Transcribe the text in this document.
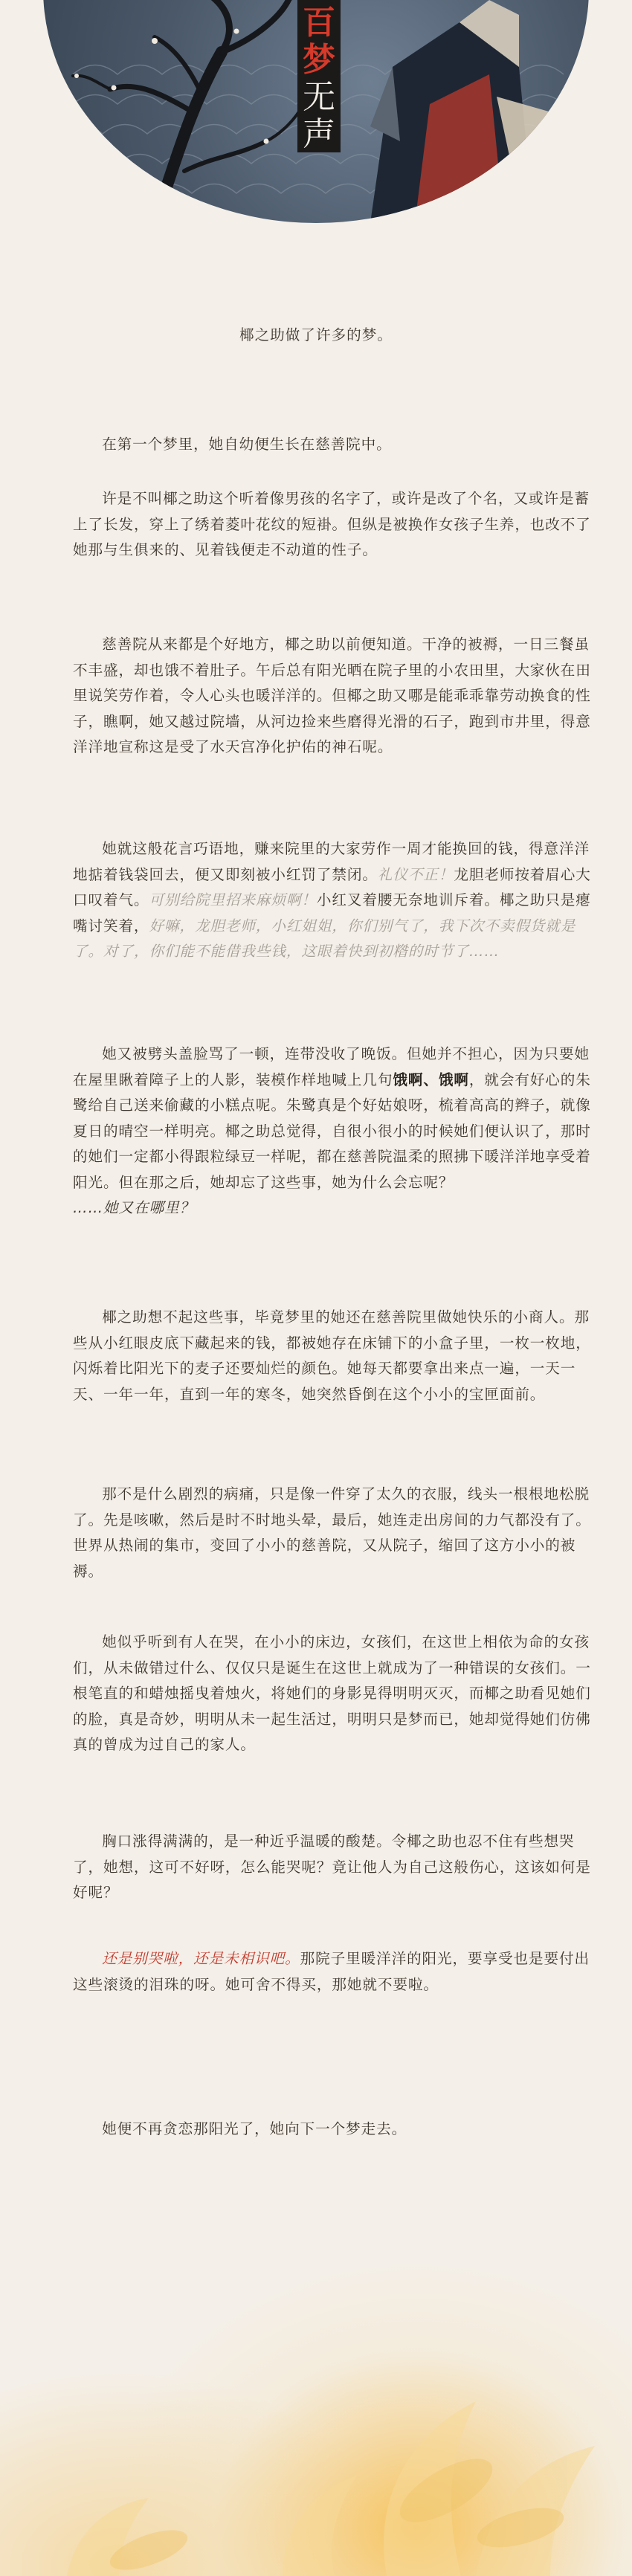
百
梦
无
声
椰之助做了许多的梦。

在第一个梦里，她自幼便生长在慈善院中。

许是不叫椰之助这个听着像男孩的名字了，或许是改了个名，又或许是蓄上了长发，穿上了绣着菱叶花纹的短褂。但纵是被换作女孩子生养，也改不了她那与生俱来的、见着钱便走不动道的性子。

慈善院从来都是个好地方，椰之助以前便知道。干净的被褥，一日三餐虽不丰盛，却也饿不着肚子。午后总有阳光晒在院子里的小农田里，大家伙在田里说笑劳作着，令人心头也暖洋洋的。但椰之助又哪是能乖乖靠劳动换食的性子，瞧啊，她又越过院墙，从河边捡来些磨得光滑的石子，跑到市井里，得意洋洋地宣称这是受了水天宫净化护佑的神石呢。

她就这般花言巧语地，赚来院里的大家劳作一周才能换回的钱，得意洋洋地掂着钱袋回去，便又即刻被小红罚了禁闭。礼仪不正！龙胆老师按着眉心大口叹着气。可别给院里招来麻烦啊！小红叉着腰无奈地训斥着。椰之助只是瘪嘴讨笑着，好嘛，龙胆老师，小红姐姐，你们别气了，我下次不卖假货就是了。对了，你们能不能借我些钱，这眼着快到初糌的时节了……

她又被劈头盖脸骂了一顿，连带没收了晚饭。但她并不担心，因为只要她在屋里瞅着障子上的人影，装模作样地喊上几句饿啊、饿啊，就会有好心的朱鹭给自己送来偷藏的小糕点呢。朱鹭真是个好姑娘呀，梳着高高的辫子，就像夏日的晴空一样明亮。椰之助总觉得，自很小很小的时候她们便认识了，那时的她们一定都小得跟粒绿豆一样呢，都在慈善院温柔的照拂下暖洋洋地享受着阳光。但在那之后，她却忘了这些事，她为什么会忘呢？
……她又在哪里？

椰之助想不起这些事，毕竟梦里的她还在慈善院里做她快乐的小商人。那些从小红眼皮底下藏起来的钱，都被她存在床铺下的小盒子里，一枚一枚地，闪烁着比阳光下的麦子还要灿烂的颜色。她每天都要拿出来点一遍，一天一天、一年一年，直到一年的寒冬，她突然昏倒在这个小小的宝匣面前。

那不是什么剧烈的病痛，只是像一件穿了太久的衣服，线头一根根地松脱了。先是咳嗽，然后是时不时地头晕，最后，她连走出房间的力气都没有了。世界从热闹的集市，变回了小小的慈善院，又从院子，缩回了这方小小的被褥。

她似乎听到有人在哭，在小小的床边，女孩们，在这世上相依为命的女孩们，从未做错过什么、仅仅只是诞生在这世上就成为了一种错误的女孩们。一根笔直的和蜡烛摇曳着烛火，将她们的身影晃得明明灭灭，而椰之助看见她们的脸，真是奇妙，明明从未一起生活过，明明只是梦而已，她却觉得她们仿佛真的曾成为过自己的家人。

胸口涨得满满的，是一种近乎温暖的酸楚。令椰之助也忍不住有些想哭了，她想，这可不好呀，怎么能哭呢？竟让他人为自己这般伤心，这该如何是好呢？

还是别哭啦，还是未相识吧。那院子里暖洋洋的阳光，要享受也是要付出这些滚烫的泪珠的呀。她可舍不得买，那她就不要啦。

她便不再贪恋那阳光了，她向下一个梦走去。
